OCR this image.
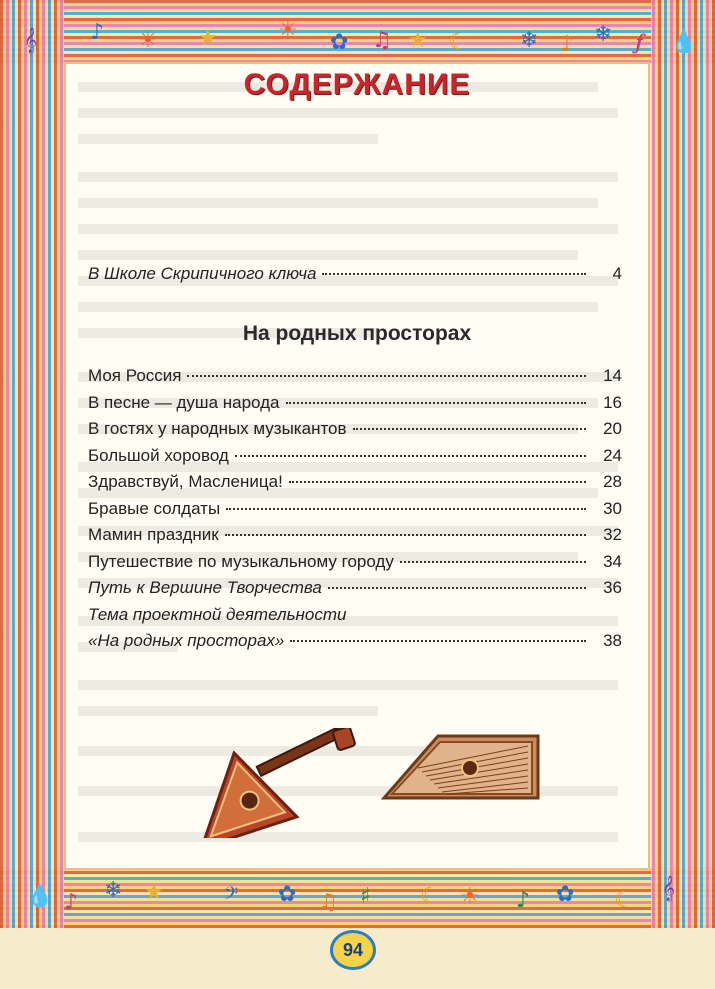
𝄞 ♪ ☀ ★	☀ ✿ ♫ ★ ☾ ❄ ♪ ❄ 𝆑 💧
💧 ♪ ❄ ★	𝄢 ✿ ♫ ♯ ☾ ☀ ♪ ✿ ☾ 𝄞
СОДЕРЖАНИЕ
В Школе Скрипичного ключа	4
На родных просторах
Моя Россия	14
В песне — душа народа	16
В гостях у народных музыкантов	20
Большой хоровод	24
Здравствуй, Масленица!	28
Бравые солдаты	30
Мамин праздник	32
Путешествие по музыкальному городу	34
Путь к Вершине Творчества	36
Тема проектной деятельности
«На родных просторах»	38
94
